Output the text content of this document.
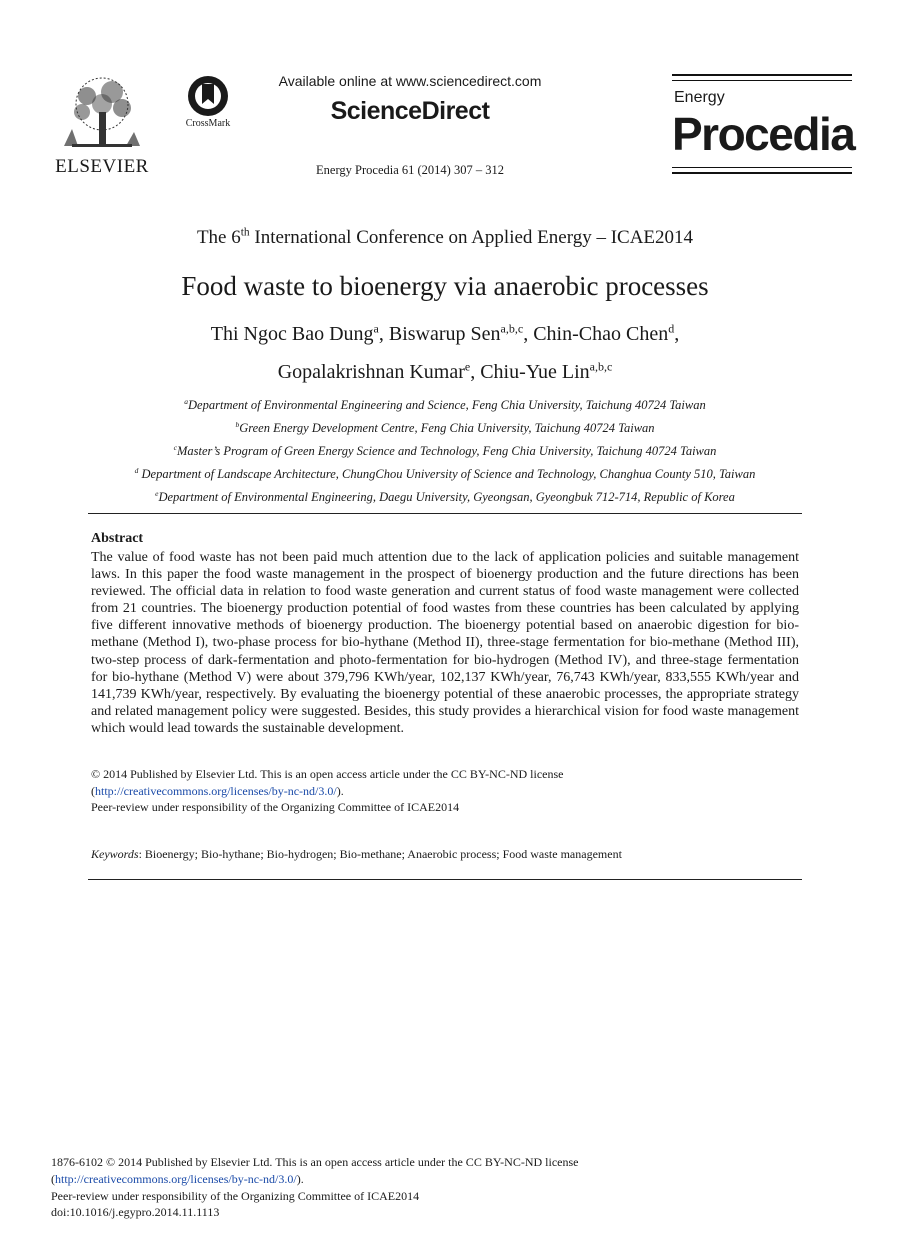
ELSEVIER
CrossMark
Available online at www.sciencedirect.com
ScienceDirect
Energy Procedia 61 (2014) 307 – 312
Energy
Procedia
The 6th International Conference on Applied Energy – ICAE2014
Food waste to bioenergy via anaerobic processes
Thi Ngoc Bao Dung$^a$, Biswarup Sen$^{a,b,c}$, Chin-Chao Chen$^d$,
Gopalakrishnan Kumar$^e$, Chiu-Yue Lin$^{a,b,c}$
$^a$Department of Environmental Engineering and Science, Feng Chia University, Taichung 40724 Taiwan
$^b$Green Energy Development Centre, Feng Chia University, Taichung 40724 Taiwan
$^c$Master’s Program of Green Energy Science and Technology, Feng Chia University, Taichung 40724 Taiwan
$^d$ Department of Landscape Architecture, ChungChou University of Science and Technology, Changhua County 510, Taiwan
$^e$Department of Environmental Engineering, Daegu University, Gyeongsan, Gyeongbuk 712-714, Republic of Korea
Abstract
The value of food waste has not been paid much attention due to the lack of application policies and suitable management laws. In this paper the food waste management in the prospect of bioenergy production and the future directions has been reviewed. The official data in relation to food waste generation and current status of food waste management were collected from 21 countries. The bioenergy production potential of food wastes from these countries has been calculated by applying five different innovative methods of bioenergy production. The bioenergy potential based on anaerobic digestion for bio-methane (Method I), two-phase process for bio-hythane (Method II), three-stage fermentation for bio-methane (Method III), two-step process of dark-fermentation and photo-fermentation for bio-hydrogen (Method IV), and three-stage fermentation for bio-hythane (Method V) were about 379,796 KWh/year, 102,137 KWh/year, 76,743 KWh/year, 833,555 KWh/year and 141,739 KWh/year, respectively. By evaluating the bioenergy potential of these anaerobic processes, the appropriate strategy and related management policy were suggested. Besides, this study provides a hierarchical vision for food waste management which would lead towards the sustainable development.
© 2014 Published by Elsevier Ltd. This is an open access article under the CC BY-NC-ND license
(http://creativecommons.org/licenses/by-nc-nd/3.0/).
Peer-review under responsibility of the Organizing Committee of ICAE2014
Keywords: Bioenergy; Bio-hythane; Bio-hydrogen; Bio-methane; Anaerobic process; Food waste management
1876-6102 © 2014 Published by Elsevier Ltd. This is an open access article under the CC BY-NC-ND license
(http://creativecommons.org/licenses/by-nc-nd/3.0/).
Peer-review under responsibility of the Organizing Committee of ICAE2014
doi:10.1016/j.egypro.2014.11.1113
